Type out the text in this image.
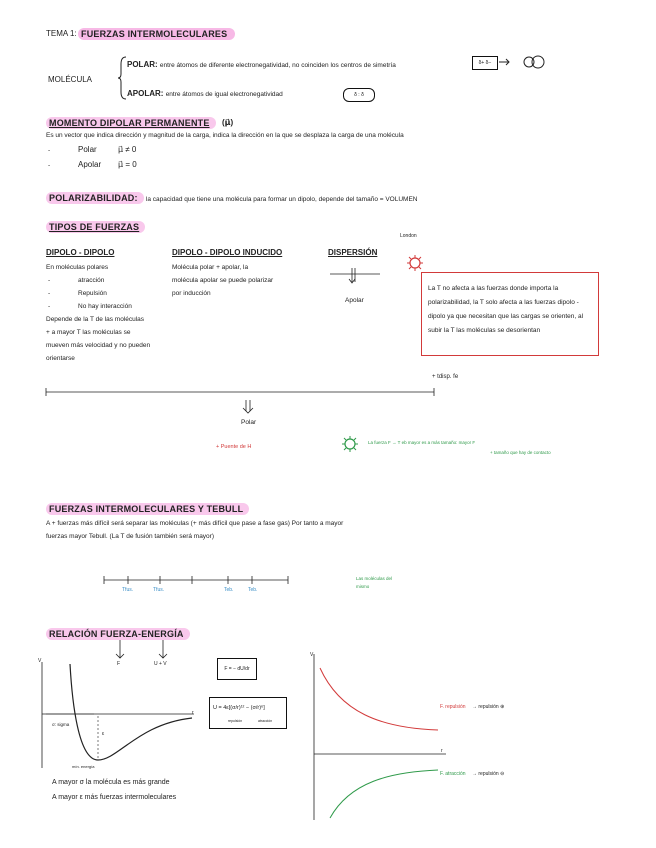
TEMA 1: FUERZAS INTERMOLECULARES
MOLÉCULA
POLAR: entre átomos de diferente electronegatividad, no coinciden los centros de simetría
APOLAR: entre átomos de igual electronegatividad
δ+ δ−
δ : δ
MOMENTO DIPOLAR PERMANENTE	(μ⃗)
Es un vector que indica dirección y magnitud de la carga, indica la dirección en la que se desplaza la carga de una molécula
-	Polar	μ⃗ ≠ 0
-	Apolar μ⃗ = 0
POLARIZABILIDAD: la capacidad que tiene una molécula para formar un dipolo, depende del tamaño = VOLUMEN
TIPOS DE FUERZAS
DIPOLO - DIPOLO
En moléculas polares
-	atracción
-	Repulsión
-	No hay interacción
Depende de la T de las moléculas
+ a mayor T las moléculas se
mueven más velocidad y no pueden
orientarse
DIPOLO - DIPOLO INDUCIDO
Molécula polar + apolar, la
molécula apolar se puede polarizar
por inducción
DISPERSIÓN
London
Apolar
La T no afecta a las fuerzas donde importa la polarizabilidad, la T solo afecta a las fuerzas dipolo - dipolo ya que necesitan que las cargas se orienten, al subir la T las moléculas se desorientan
+ tdisp. fe
Polar
+ Puente de H
La fuerza F → T eb mayor es a más tamaño: mayor F
+ tamaño que hay de contacto
FUERZAS INTERMOLECULARES Y TEBULL
A + fuerzas más difícil será separar las moléculas (+ más difícil que pase a fase gas) Por tanto a mayor fuerzas mayor Tebull. (La T de fusión también será mayor)
Tfus.	Tfus.	Teb.	Teb.
Las moléculas del mismo
RELACIÓN FUERZA-ENERGÍA
F	U + V
V
r
σ: sigma
ε
mín. energía
F = − dU/dr
U = 4ε[(σ/r)¹² − (σ/r)⁶]
repulsión	atracción
V
r
F. repulsión → repulsión ⊕
F. atracción → repulsión ⊖
A mayor σ la molécula es más grande
A mayor ε más fuerzas intermoleculares
